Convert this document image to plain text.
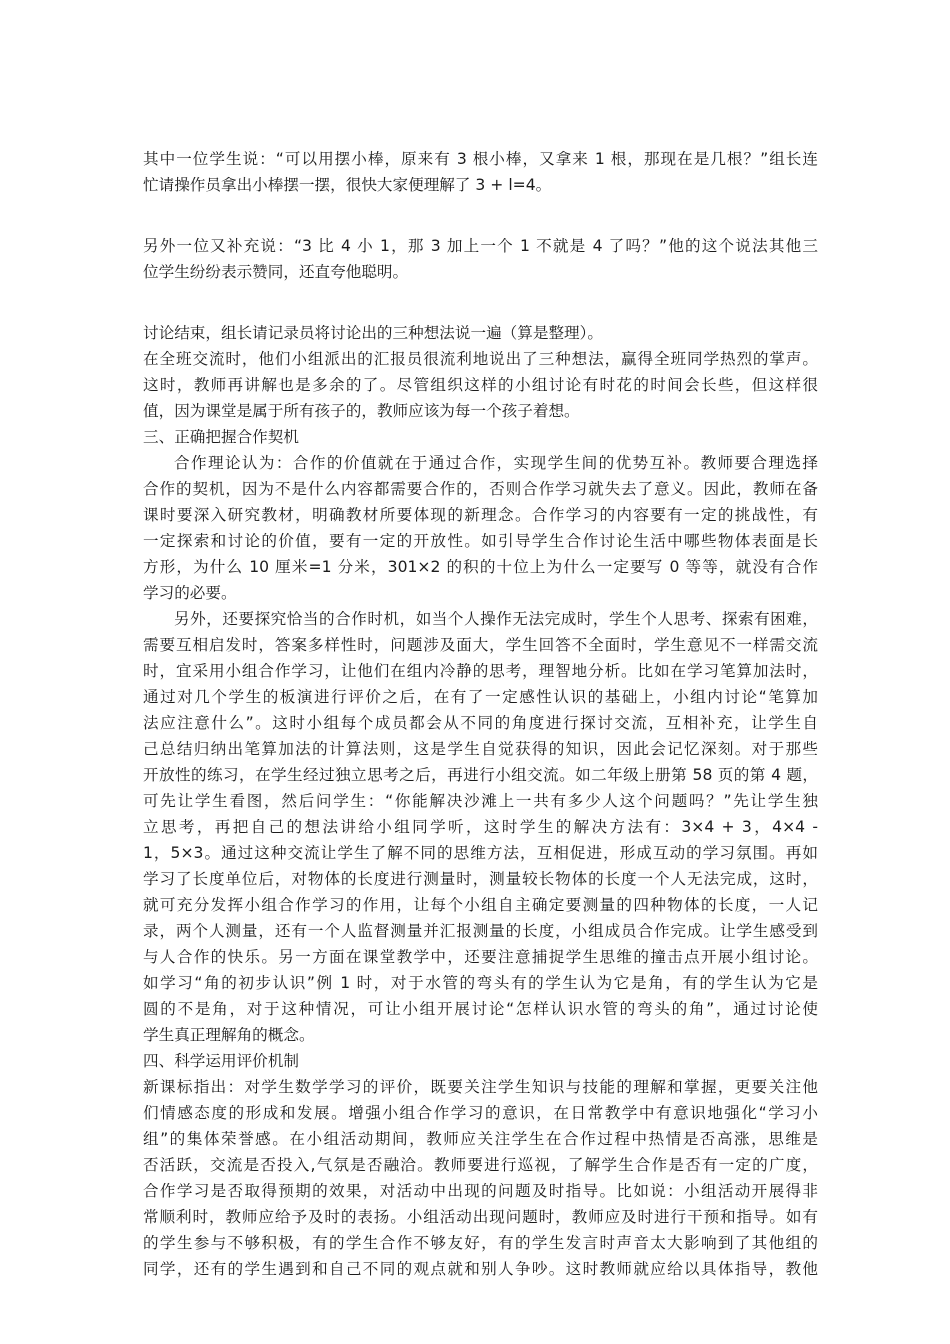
其中一位学生说：“可以用摆小棒，原来有 3 根小棒，又拿来 1 根，那现在是几根？”组长连
忙请操作员拿出小棒摆一摆，很快大家便理解了 3 + l=4。
另外一位又补充说：“3 比 4 小 1，那 3 加上一个 1 不就是 4 了吗？”他的这个说法其他三
位学生纷纷表示赞同，还直夸他聪明。
讨论结束，组长请记录员将讨论出的三种想法说一遍（算是整理）。
在全班交流时，他们小组派出的汇报员很流利地说出了三种想法，赢得全班同学热烈的掌声。
这时，教师再讲解也是多余的了。尽管组织这样的小组讨论有时花的时间会长些，但这样很
值，因为课堂是属于所有孩子的，教师应该为每一个孩子着想。
三、正确把握合作契机
合作理论认为：合作的价值就在于通过合作，实现学生间的优势互补。教师要合理选择
合作的契机，因为不是什么内容都需要合作的，否则合作学习就失去了意义。因此，教师在备
课时要深入研究教材，明确教材所要体现的新理念。合作学习的内容要有一定的挑战性，有
一定探索和讨论的价值，要有一定的开放性。如引导学生合作讨论生活中哪些物体表面是长
方形，为什么 10 厘米=1 分米，301×2 的积的十位上为什么一定要写 0 等等，就没有合作
学习的必要。
另外，还要探究恰当的合作时机，如当个人操作无法完成时，学生个人思考、探索有困难，
需要互相启发时，答案多样性时，问题涉及面大，学生回答不全面时，学生意见不一样需交流
时，宜采用小组合作学习，让他们在组内冷静的思考，理智地分析。比如在学习笔算加法时，
通过对几个学生的板演进行评价之后，在有了一定感性认识的基础上，小组内讨论“笔算加
法应注意什么”。这时小组每个成员都会从不同的角度进行探讨交流，互相补充，让学生自
己总结归纳出笔算加法的计算法则，这是学生自觉获得的知识，因此会记忆深刻。对于那些
开放性的练习，在学生经过独立思考之后，再进行小组交流。如二年级上册第 58 页的第 4 题，
可先让学生看图，然后问学生：“你能解决沙滩上一共有多少人这个问题吗？”先让学生独
立思考，再把自己的想法讲给小组同学听，这时学生的解决方法有：3×4 + 3，4×4 -
1，5×3。通过这种交流让学生了解不同的思维方法，互相促进，形成互动的学习氛围。再如
学习了长度单位后，对物体的长度进行测量时，测量较长物体的长度一个人无法完成，这时，
就可充分发挥小组合作学习的作用，让每个小组自主确定要测量的四种物体的长度，一人记
录，两个人测量，还有一个人监督测量并汇报测量的长度，小组成员合作完成。让学生感受到
与人合作的快乐。另一方面在课堂教学中，还要注意捕捉学生思维的撞击点开展小组讨论。
如学习“角的初步认识”例 1 时，对于水管的弯头有的学生认为它是角，有的学生认为它是
圆的不是角，对于这种情况，可让小组开展讨论“怎样认识水管的弯头的角”，通过讨论使
学生真正理解角的概念。
四、科学运用评价机制
新课标指出：对学生数学学习的评价，既要关注学生知识与技能的理解和掌握，更要关注他
们情感态度的形成和发展。增强小组合作学习的意识，在日常教学中有意识地强化“学习小
组”的集体荣誉感。在小组活动期间，教师应关注学生在合作过程中热情是否高涨，思维是
否活跃，交流是否投入,气氛是否融洽。教师要进行巡视，了解学生合作是否有一定的广度，
合作学习是否取得预期的效果，对活动中出现的问题及时指导。比如说：小组活动开展得非
常顺利时，教师应给予及时的表扬。小组活动出现问题时，教师应及时进行干预和指导。如有
的学生参与不够积极，有的学生合作不够友好，有的学生发言时声音太大影响到了其他组的
同学，还有的学生遇到和自己不同的观点就和别人争吵。这时教师就应给以具体指导，教他
